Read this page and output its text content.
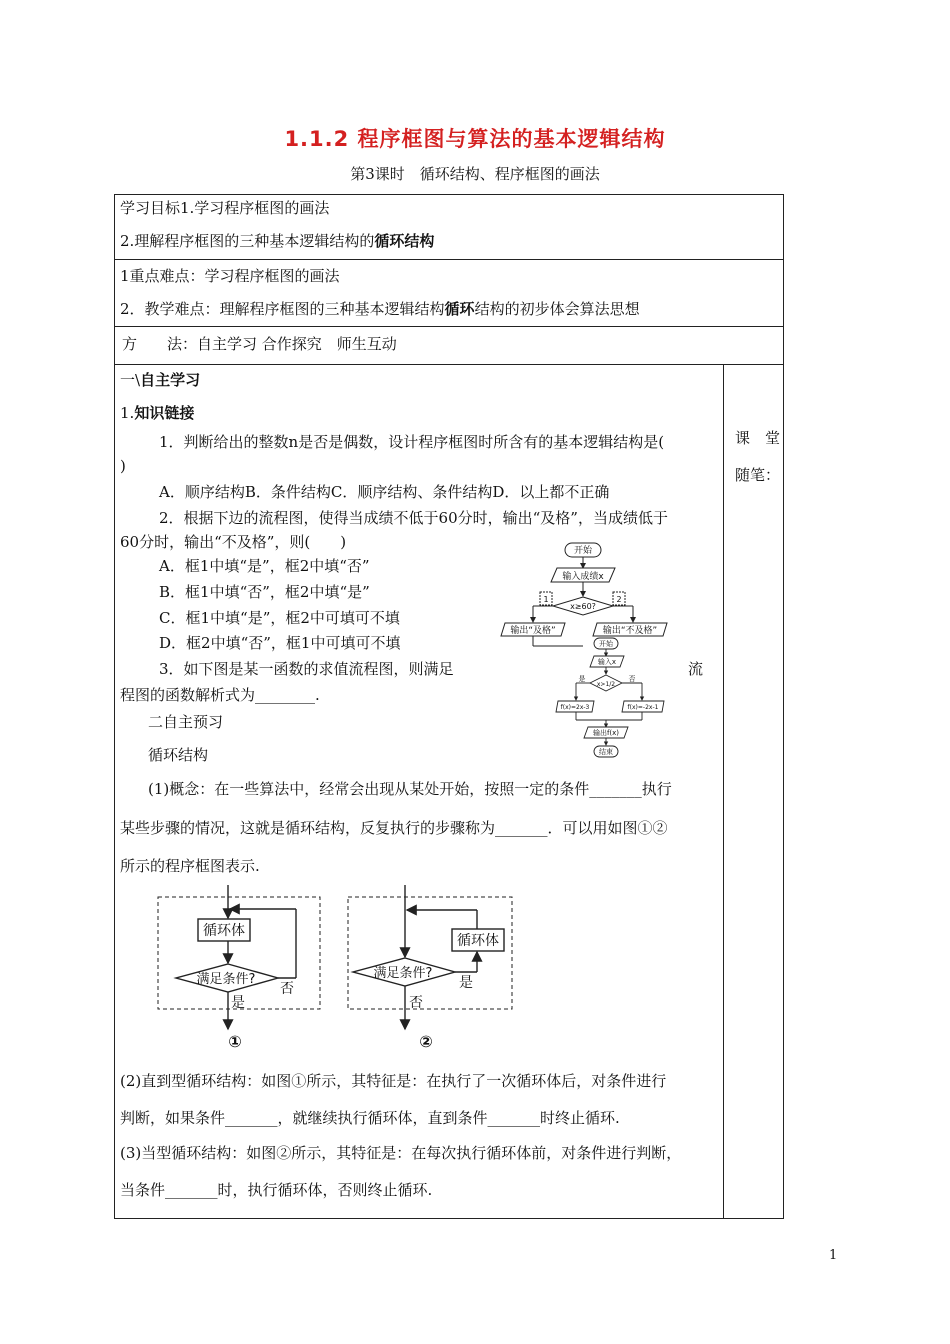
1.1.2 程序框图与算法的基本逻辑结构
第3课时　循环结构、程序框图的画法
学习目标1.学习程序框图的画法
2.理解程序框图的三种基本逻辑结构的循环结构
1重点难点：学习程序框图的画法
2．教学难点：理解程序框图的三种基本逻辑结构循环结构的初步体会算法思想
方　　法：自主学习 合作探究　师生互动
课　堂
随笔：
一\自主学习
1.知识链接
1．判断给出的整数n是否是偶数，设计程序框图时所含有的基本逻辑结构是(
)
A．顺序结构B．条件结构C．顺序结构、条件结构D．以上都不正确
2．根据下边的流程图，使得当成绩不低于60分时，输出“及格”，当成绩低于
60分时，输出“不及格”，则(　　)
A．框1中填“是”，框2中填“否”
B．框1中填“否”，框2中填“是”
C．框1中填“是”，框2中可填可不填
D．框2中填“否”，框1中可填可不填
3．如下图是某一函数的求值流程图，则满足	流
程图的函数解析式为________.
开始
输入成绩x
x≥60?
1	2
输出“及格”	输出“不及格”
开始
输入x
x>1/2
是	否
f(x)=2x-3	f(x)=-2x-1
输出f(x)
结束
二自主预习
循环结构
(1)概念：在一些算法中，经常会出现从某处开始，按照一定的条件_______执行
某些步骤的情况，这就是循环结构，反复执行的步骤称为_______．可以用如图①②
所示的程序框图表示.
循环体
满足条件?
否
是
①
循环体
满足条件?
是
否
②
(2)直到型循环结构：如图①所示，其特征是：在执行了一次循环体后，对条件进行
判断，如果条件_______，就继续执行循环体，直到条件_______时终止循环.
(3)当型循环结构：如图②所示，其特征是：在每次执行循环体前，对条件进行判断，
当条件_______时，执行循环体，否则终止循环.
1
